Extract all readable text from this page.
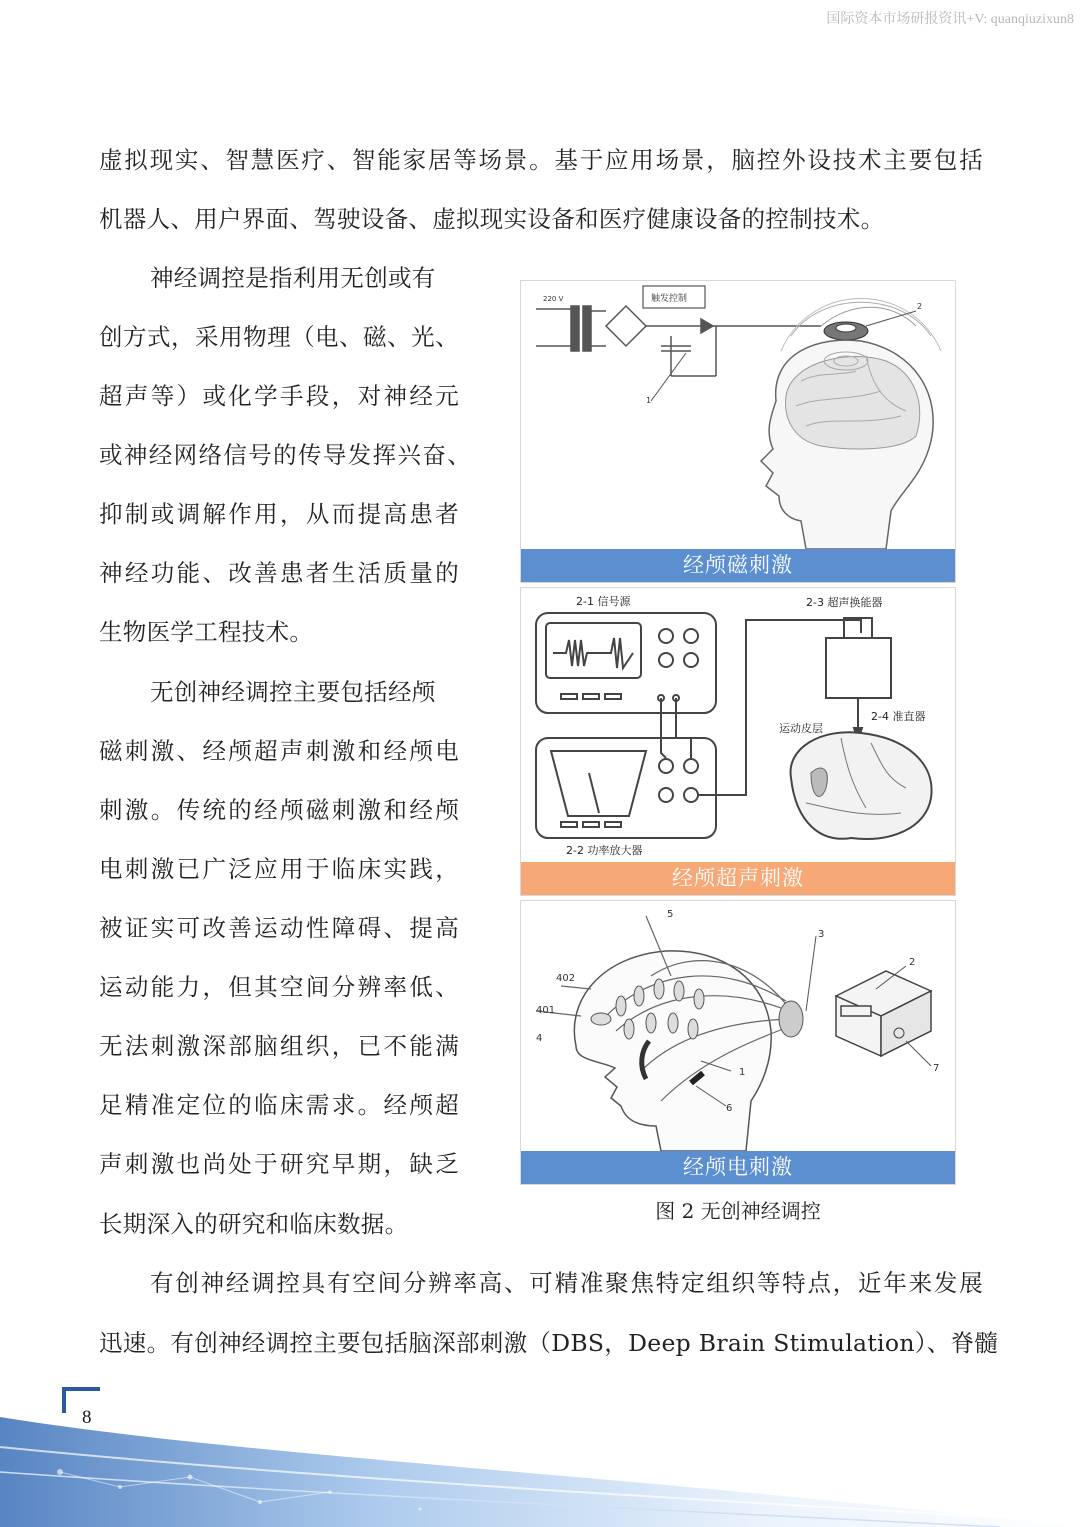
国际资本市场研报资讯+V: quanqiuzixun8
虚拟现实、智慧医疗、智能家居等场景。基于应用场景，脑控外设技术主要包括
机器人、用户界面、驾驶设备、虚拟现实设备和医疗健康设备的控制技术。
神经调控是指利用无创或有
创方式，采用物理（电、磁、光、
超声等）或化学手段，对神经元
或神经网络信号的传导发挥兴奋、
抑制或调解作用，从而提高患者
神经功能、改善患者生活质量的
生物医学工程技术。
无创神经调控主要包括经颅
磁刺激、经颅超声刺激和经颅电
刺激。传统的经颅磁刺激和经颅
电刺激已广泛应用于临床实践，
被证实可改善运动性障碍、提高
运动能力，但其空间分辨率低、
无法刺激深部脑组织，已不能满
足精准定位的临床需求。经颅超
声刺激也尚处于研究早期，缺乏
长期深入的研究和临床数据。
有创神经调控具有空间分辨率高、可精准聚焦特定组织等特点，近年来发展
迅速。有创神经调控主要包括脑深部刺激（DBS，Deep Brain Stimulation）、脊髓
220 V	触发控制
1
2
经颅磁刺激
2-1 信号源
2-2 功率放大器
2-3 超声换能器
2-4 准直器
运动皮层
经颅超声刺激
402
401
4
5
3
2
1
6
7
经颅电刺激
图 2 无创神经调控
8
